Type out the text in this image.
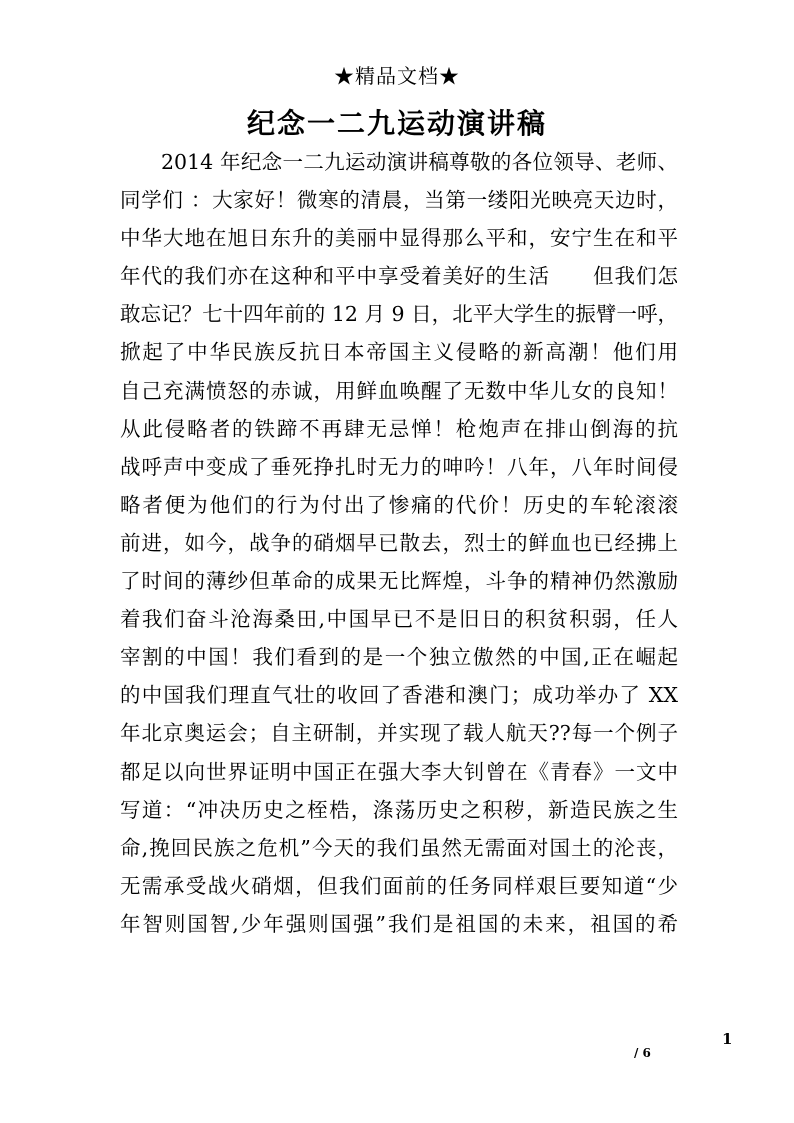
★精品文档★
纪念一二九运动演讲稿
2014 年纪念一二九运动演讲稿尊敬的各位领导、老师、
同学们 ：大家好！微寒的清晨，当第一缕阳光映亮天边时，
中华大地在旭日东升的美丽中显得那么平和，安宁生在和平
年代的我们亦在这种和平中享受着美好的生活　　但我们怎
敢忘记？七十四年前的 12 月 9 日，北平大学生的振臂一呼，
掀起了中华民族反抗日本帝国主义侵略的新高潮！他们用
自己充满愤怒的赤诚，用鲜血唤醒了无数中华儿女的良知！
从此侵略者的铁蹄不再肆无忌惮！枪炮声在排山倒海的抗
战呼声中变成了垂死挣扎时无力的呻吟！八年，八年时间侵
略者便为他们的行为付出了惨痛的代价！历史的车轮滚滚
前进，如今，战争的硝烟早已散去，烈士的鲜血也已经拂上
了时间的薄纱但革命的成果无比辉煌，斗争的精神仍然激励
着我们奋斗沧海桑田,中国早已不是旧日的积贫积弱，任人
宰割的中国！我们看到的是一个独立傲然的中国,正在崛起
的中国我们理直气壮的收回了香港和澳门；成功举办了 XX
年北京奥运会；自主研制，并实现了载人航天??每一个例子
都足以向世界证明中国正在强大李大钊曾在《青春》一文中
写道：“冲决历史之桎梏，涤荡历史之积秽，新造民族之生
命,挽回民族之危机”今天的我们虽然无需面对国土的沦丧，
无需承受战火硝烟，但我们面前的任务同样艰巨要知道“少
年智则国智,少年强则国强”我们是祖国的未来，祖国的希
1
/ 6
